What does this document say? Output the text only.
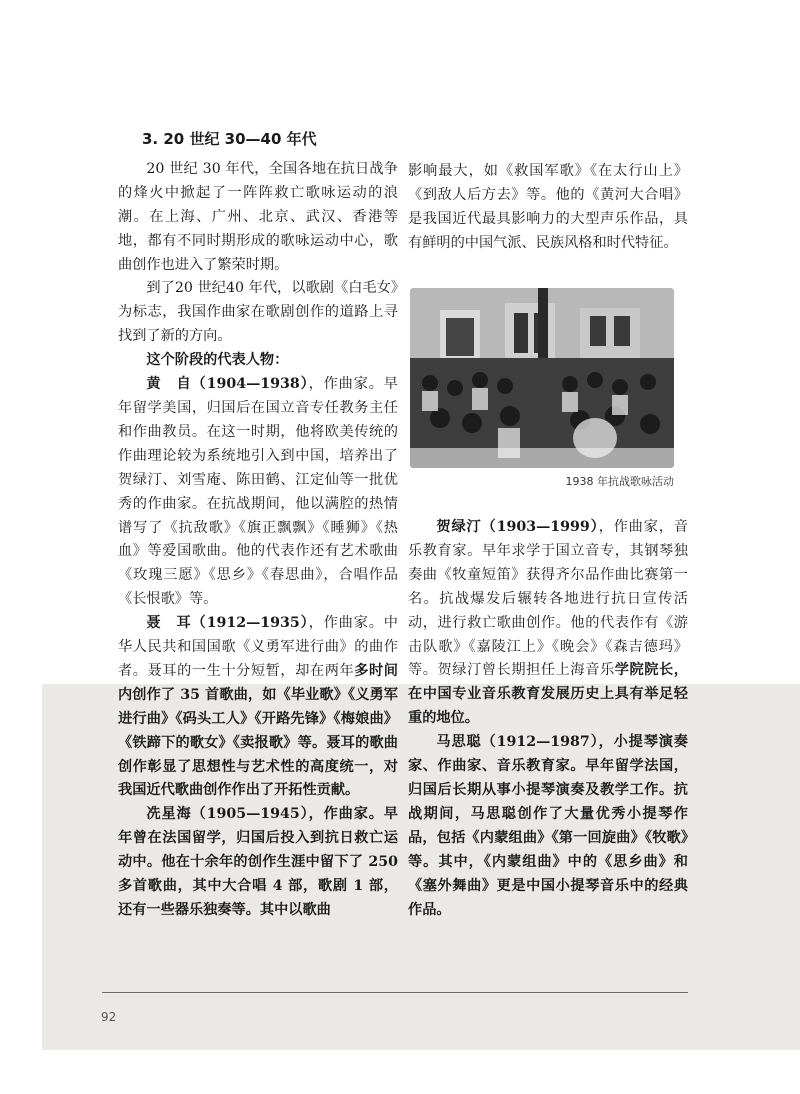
3. 20 世纪 30—40 年代

20 世纪 30 年代，全国各地在抗日战争的烽火中掀起了一阵阵救亡歌咏运动的浪潮。在上海、广州、北京、武汉、香港等地，都有不同时期形成的歌咏运动中心，歌曲创作也进入了繁荣时期。

到了20 世纪40 年代，以歌剧《白毛女》为标志，我国作曲家在歌剧创作的道路上寻找到了新的方向。

这个阶段的代表人物：

黄　自（1904—1938），作曲家。早年留学美国，归国后在国立音专任教务主任和作曲教员。在这一时期，他将欧美传统的作曲理论较为系统地引入到中国，培养出了贺绿汀、刘雪庵、陈田鹤、江定仙等一批优秀的作曲家。在抗战期间，他以满腔的热情谱写了《抗敌歌》《旗正飘飘》《睡狮》《热血》等爱国歌曲。他的代表作还有艺术歌曲《玫瑰三愿》《思乡》《春思曲》，合唱作品《长恨歌》等。

聂　耳（1912—1935），作曲家。中华人民共和国国歌《义勇军进行曲》的曲作者。聂耳的一生十分短暂，却在两年多时间内创作了 35 首歌曲，如《毕业歌》《义勇军进行曲》《码头工人》《开路先锋》《梅娘曲》《铁蹄下的歌女》《卖报歌》等。聂耳的歌曲创作彰显了思想性与艺术性的高度统一，对我国近代歌曲创作作出了开拓性贡献。

冼星海（1905—1945），作曲家。早年曾在法国留学，归国后投入到抗日救亡运动中。他在十余年的创作生涯中留下了 250 多首歌曲，其中大合唱 4 部，歌剧 1 部，还有一些器乐独奏等。其中以歌曲

影响最大，如《救国军歌》《在太行山上》《到敌人后方去》等。他的《黄河大合唱》是我国近代最具影响力的大型声乐作品，具有鲜明的中国气派、民族风格和时代特征。

1938 年抗战歌咏活动

贺绿汀（1903—1999），作曲家，音乐教育家。早年求学于国立音专，其钢琴独奏曲《牧童短笛》获得齐尔品作曲比赛第一名。抗战爆发后辗转各地进行抗日宣传活动，进行救亡歌曲创作。他的代表作有《游击队歌》《嘉陵江上》《晚会》《森吉德玛》等。贺绿汀曾长期担任上海音乐学院院长，在中国专业音乐教育发展历史上具有举足轻重的地位。

马思聪（1912—1987），小提琴演奏家、作曲家、音乐教育家。早年留学法国，归国后长期从事小提琴演奏及教学工作。抗战期间，马思聪创作了大量优秀小提琴作品，包括《内蒙组曲》《第一回旋曲》《牧歌》等。其中，《内蒙组曲》中的《思乡曲》和《塞外舞曲》更是中国小提琴音乐中的经典作品。

92
